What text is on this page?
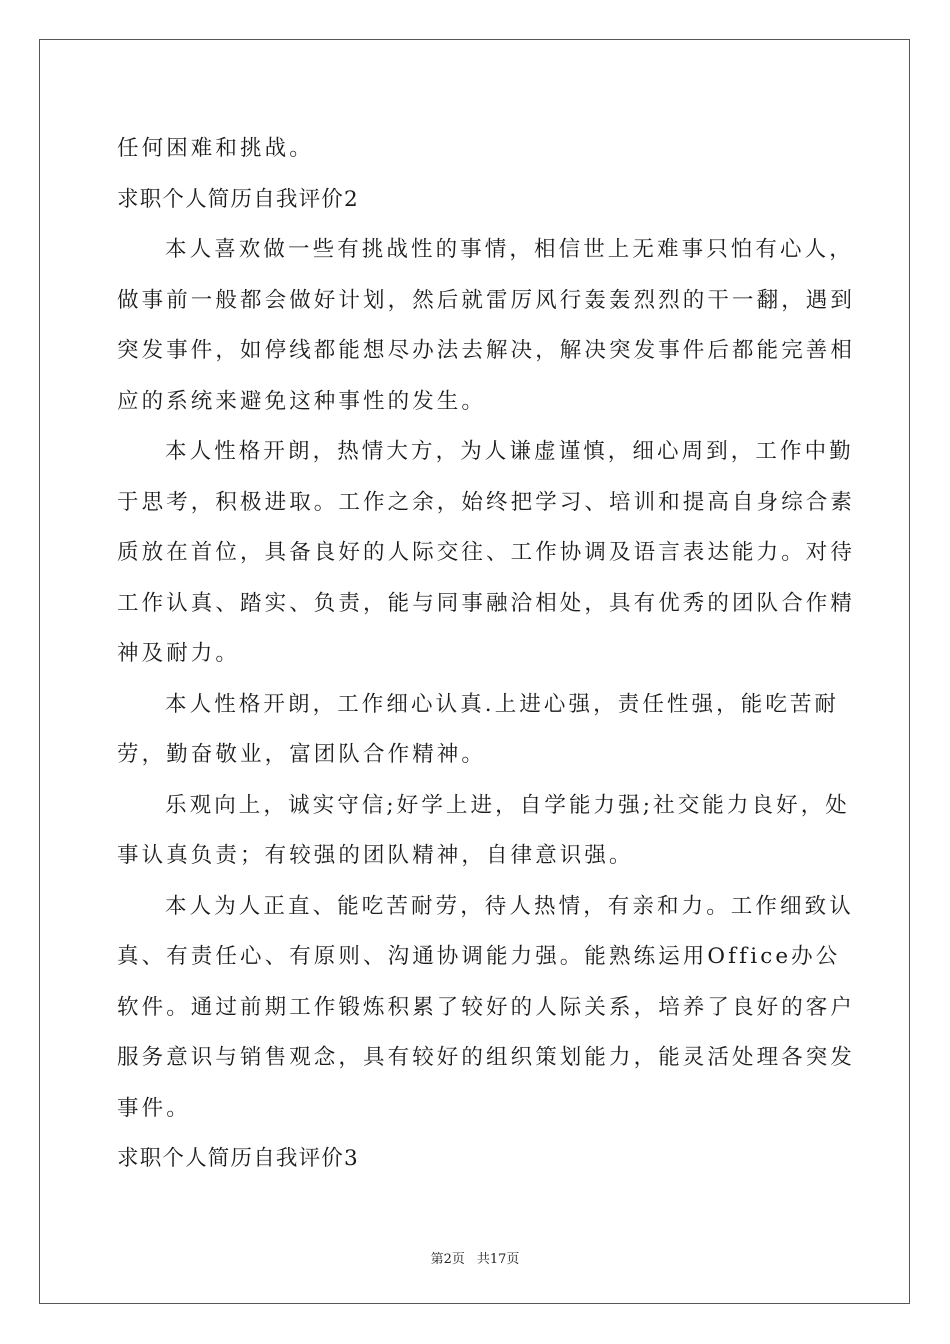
任何困难和挑战。
求职个人简历自我评价2
本人喜欢做一些有挑战性的事情，相信世上无难事只怕有心人，
做事前一般都会做好计划，然后就雷厉风行轰轰烈烈的干一翻，遇到
突发事件，如停线都能想尽办法去解决，解决突发事件后都能完善相
应的系统来避免这种事性的发生。
本人性格开朗，热情大方，为人谦虚谨慎，细心周到，工作中勤
于思考，积极进取。工作之余，始终把学习、培训和提高自身综合素
质放在首位，具备良好的人际交往、工作协调及语言表达能力。对待
工作认真、踏实、负责，能与同事融洽相处，具有优秀的团队合作精
神及耐力。
本人性格开朗，工作细心认真.上进心强，责任性强，能吃苦耐
劳，勤奋敬业，富团队合作精神。
乐观向上，诚实守信;好学上进，自学能力强;社交能力良好，处
事认真负责；有较强的团队精神，自律意识强。
本人为人正直、能吃苦耐劳，待人热情，有亲和力。工作细致认
真、有责任心、有原则、沟通协调能力强。能熟练运用Office办公
软件。通过前期工作锻炼积累了较好的人际关系，培养了良好的客户
服务意识与销售观念，具有较好的组织策划能力，能灵活处理各突发
事件。
求职个人简历自我评价3
第2页 共17页
